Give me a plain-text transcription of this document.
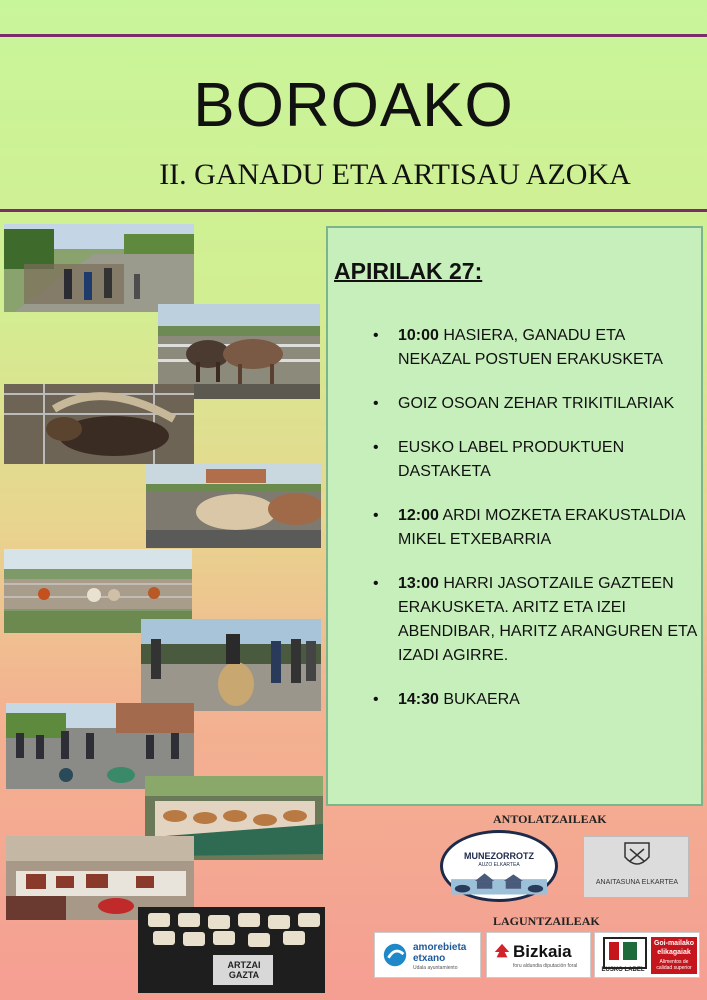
BOROAKO
II. GANADU ETA ARTISAU AZOKA
ARTZAI GAZTA
APIRILAK 27:
• 10:00 HASIERA, GANADU ETA NEKAZAL POSTUEN ERAKUSKETA
• GOIZ OSOAN ZEHAR TRIKITILARIAK
• EUSKO LABEL PRODUKTUEN DASTAKETA
• 12:00 ARDI MOZKETA ERAKUSTALDIA MIKEL ETXEBARRIA
• 13:00 HARRI JASOTZAILE GAZTEEN ERAKUSKETA. ARITZ ETA IZEI ABENDIBAR, HARITZ ARANGUREN ETA IZADI AGIRRE.
• 14:30 BUKAERA
ANTOLATZAILEAK
MUNEZORROTZ
AUZO ELKARTEA
ANAITASUNA ELKARTEA
LAGUNTZAILEAK
amorebieta
etxano
Udala ayuntamiento
Bizkaia
foru aldundia diputación foral
EUSKO LABEL
Goi-mailako
elikagaiak
Alimentos de calidad superior
